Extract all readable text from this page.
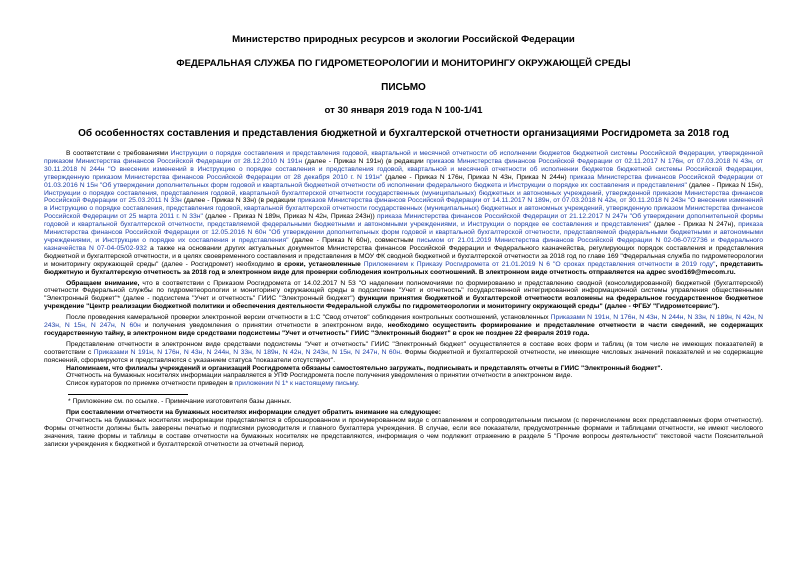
Министерство природных ресурсов и экологии Российской Федерации

ФЕДЕРАЛЬНАЯ СЛУЖБА ПО ГИДРОМЕТЕОРОЛОГИИ И МОНИТОРИНГУ ОКРУЖАЮЩЕЙ СРЕДЫ

ПИСЬМО

от 30 января 2019 года N 100-1/41

Об особенностях составления и представления бюджетной и бухгалтерской отчетности организациями Росгидромета за 2018 год

В соответствии с требованиями Инструкции о порядке составления и представления годовой, квартальной и месячной отчетности об исполнении бюджетов бюджетной системы Российской Федерации, утвержденной приказом Министерства финансов Российской Федерации от 28.12.2010 N 191н (далее - Приказ N 191н) (в редакции приказов Министерства финансов Российской Федерации от 02.11.2017 N 176н, от 07.03.2018 N 43н, от 30.11.2018 N 244н "О внесении изменений в Инструкцию о порядке составления и представления годовой, квартальной и месячной отчетности об исполнении бюджетов бюджетной системы Российской Федерации, утвержденную приказом Министерства финансов Российской Федерации от 28 декабря 2010 г. N 191н" (далее - Приказ N 176н, Приказ N 43н, Приказ N 244н) приказа Министерства финансов Российской Федерации от 01.03.2016 N 15н "Об утверждении дополнительных форм годовой и квартальной бюджетной отчетности об исполнении федерального бюджета и Инструкции о порядке их составления и представления" (далее - Приказ N 15н), Инструкции о порядке составления, представления годовой, квартальной бухгалтерской отчетности государственных (муниципальных) бюджетных и автономных учреждений, утвержденной приказом Министерства финансов Российской Федерации от 25.03.2011 N 33н (далее - Приказ N 33н) (в редакции приказов Министерства финансов Российской Федерации от 14.11.2017 N 189н, от 07.03.2018 N 42н, от 30.11.2018 N 243н "О внесении изменений в Инструкцию о порядке составления, представления годовой, квартальной бухгалтерской отчетности государственных (муниципальных) бюджетных и автономных учреждений, утвержденную приказом Министерства финансов Российской Федерации от 25 марта 2011 г. N 33н" (далее - Приказ N 189н, Приказ N 42н, Приказ 243н)) приказа Министерства финансов Российской Федерации от 21.12.2017 N 247н "Об утверждении дополнительной формы годовой и квартальной бухгалтерской отчетности, представляемой федеральными бюджетными и автономными учреждениями, и Инструкции о порядке ее составления и представления" (далее - Приказ N 247н), приказа Министерства финансов Российской Федерации от 12.05.2016 N 60н "Об утверждении дополнительных форм годовой и квартальной бухгалтерской отчетности, представляемой федеральными бюджетными и автономными учреждениями, и Инструкции о порядке их составления и представления" (далее - Приказ N 60н), совместным письмом от 21.01.2019 Министерства финансов Российской Федерации N 02-06-07/2736 и Федерального казначейства N 07-04-05/02-932 а также на основании других актуальных документов Министерства финансов Российской Федерации и Федерального казначейства, регулирующих порядок составления и представления бюджетной и бухгалтерской отчетности, и в целях своевременного составления и представления в МОУ ФК сводной бюджетной и бухгалтерской отчетности за 2018 год по главе 169 "Федеральная служба по гидрометеорологии и мониторингу окружающей среды" (далее - Росгидромет) необходимо в сроки, установленные Приложением к Приказу Росгидромета от 21.01.2019 N 6 "О сроках представления отчетности в 2019 году", представить бюджетную и бухгалтерскую отчетность за 2018 год в электронном виде для проверки соблюдения контрольных соотношений. В электронном виде отчетность отправляется на адрес svod169@mecom.ru.

Обращаем внимание, что в соответствии с Приказом Росгидромета от 14.02.2017 N 53 "О наделении полномочиями по формированию и представлению сводной (консолидированной) бюджетной (бухгалтерской) отчетности Федеральной службы по гидрометеорологии и мониторингу окружающей среды в подсистеме "Учет и отчетность" государственной интегрированной информационной системы управления общественными "Электронный бюджет"* (далее - подсистема "Учет и отчетность" ГИИС "Электронный бюджет") функции принятия бюджетной и бухгалтерской отчетности возложены на федеральное государственное бюджетное учреждение "Центр реализации бюджетной политики и обеспечения деятельности Федеральной службы по гидрометеорологии и мониторингу окружающей среды" (далее - ФГБУ "Гидрометсервис").

После проведения камеральной проверки электронной версии отчетности в 1:С "Свод отчетов" соблюдения контрольных соотношений, установленных Приказами N 191н, N 176н, N 43н, N 244н, N 33н, N 189н, N 42н, N 243н, N 15н, N 247н, N 60н и получения уведомления о принятии отчетности в электронном виде, необходимо осуществить формирование и представление отчетности в части сведений, не содержащих государственную тайну, в электронном виде средствами подсистемы "Учет и отчетность" ГИИС "Электронный бюджет" в срок не позднее 22 февраля 2019 года.

Представление отчетности в электронном виде средствами подсистемы "Учет и отчетность" ГИИС "Электронный бюджет" осуществляется в составе всех форм и таблиц (в том числе не имеющих показателей) в соответствии с Приказами N 191н, N 176н, N 43н, N 244н, N 33н, N 189н, N 42н, N 243н, N 15н, N 247н, N 60н. Формы бюджетной и бухгалтерской отчетности, не имеющие числовых значений показателей и не содержащие пояснений, сформируются и представляются с указанием статуса "показатели отсутствуют".

Напоминаем, что филиалы учреждений и организаций Росгидромета обязаны самостоятельно загружать, подписывать и представлять отчеты в ГИИС "Электронный бюджет".

Отчетность на бумажных носителях информации направляется в УПФ Росгидромета после получения уведомления о принятии отчетности в электронном виде.

Список кураторов по приемке отчетности приведен в приложении N 1* к настоящему письму.

* Приложение см. по ссылке. - Примечание изготовителя базы данных.

При составлении отчетности на бумажных носителях информации следует обратить внимание на следующее:

Отчетность на бумажных носителях информации представляется в сброшюрованном и пронумерованном виде с оглавлением и сопроводительным письмом (с перечислением всех представляемых форм отчетности). Формы отчетности должны быть заверены печатью и подписями руководителя и главного бухгалтера учреждения. В случае, если все показатели, предусмотренные формами и таблицами отчетности, не имеют числового значения, такие формы и таблицы в составе отчетности на бумажных носителях не представляются, информация о чем подлежит отражению в разделе 5 "Прочие вопросы деятельности" текстовой части Пояснительной записки учреждения к бюджетной и бухгалтерской отчетности за отчетный период.
